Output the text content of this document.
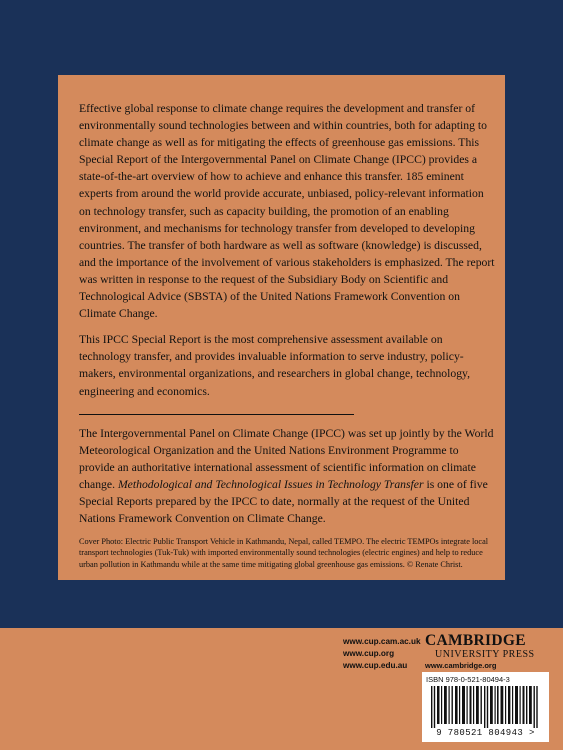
Effective global response to climate change requires the development and transfer of environmentally sound technologies between and within countries, both for adapting to climate change as well as for mitigating the effects of greenhouse gas emissions. This Special Report of the Intergovernmental Panel on Climate Change (IPCC) provides a state-of-the-art overview of how to achieve and enhance this transfer. 185 eminent experts from around the world provide accurate, unbiased, policy-relevant information on technology transfer, such as capacity building, the promotion of an enabling environment, and mechanisms for technology transfer from developed to developing countries. The transfer of both hardware as well as software (knowledge) is discussed, and the importance of the involvement of various stakeholders is emphasized. The report was written in response to the request of the Subsidiary Body on Scientific and Technological Advice (SBSTA) of the United Nations Framework Convention on Climate Change.

This IPCC Special Report is the most comprehensive assessment available on technology transfer, and provides invaluable information to serve industry, policy-makers, environmental organizations, and researchers in global change, technology, engineering and economics.

The Intergovernmental Panel on Climate Change (IPCC) was set up jointly by the World Meteorological Organization and the United Nations Environment Programme to provide an authoritative international assessment of scientific information on climate change. Methodological and Technological Issues in Technology Transfer is one of five Special Reports prepared by the IPCC to date, normally at the request of the United Nations Framework Convention on Climate Change.

Cover Photo: Electric Public Transport Vehicle in Kathmandu, Nepal, called TEMPO. The electric TEMPOs integrate local transport technologies (Tuk-Tuk) with imported environmentally sound technologies (electric engines) and help to reduce urban pollution in Kathmandu while at the same time mitigating global greenhouse gas emissions. © Renate Christ.

www.cup.cam.ac.uk
www.cup.org
www.cup.edu.au
CAMBRIDGE
UNIVERSITY PRESS
www.cambridge.org
ISBN 978-0-521-80494-3
9 780521 804943 >
